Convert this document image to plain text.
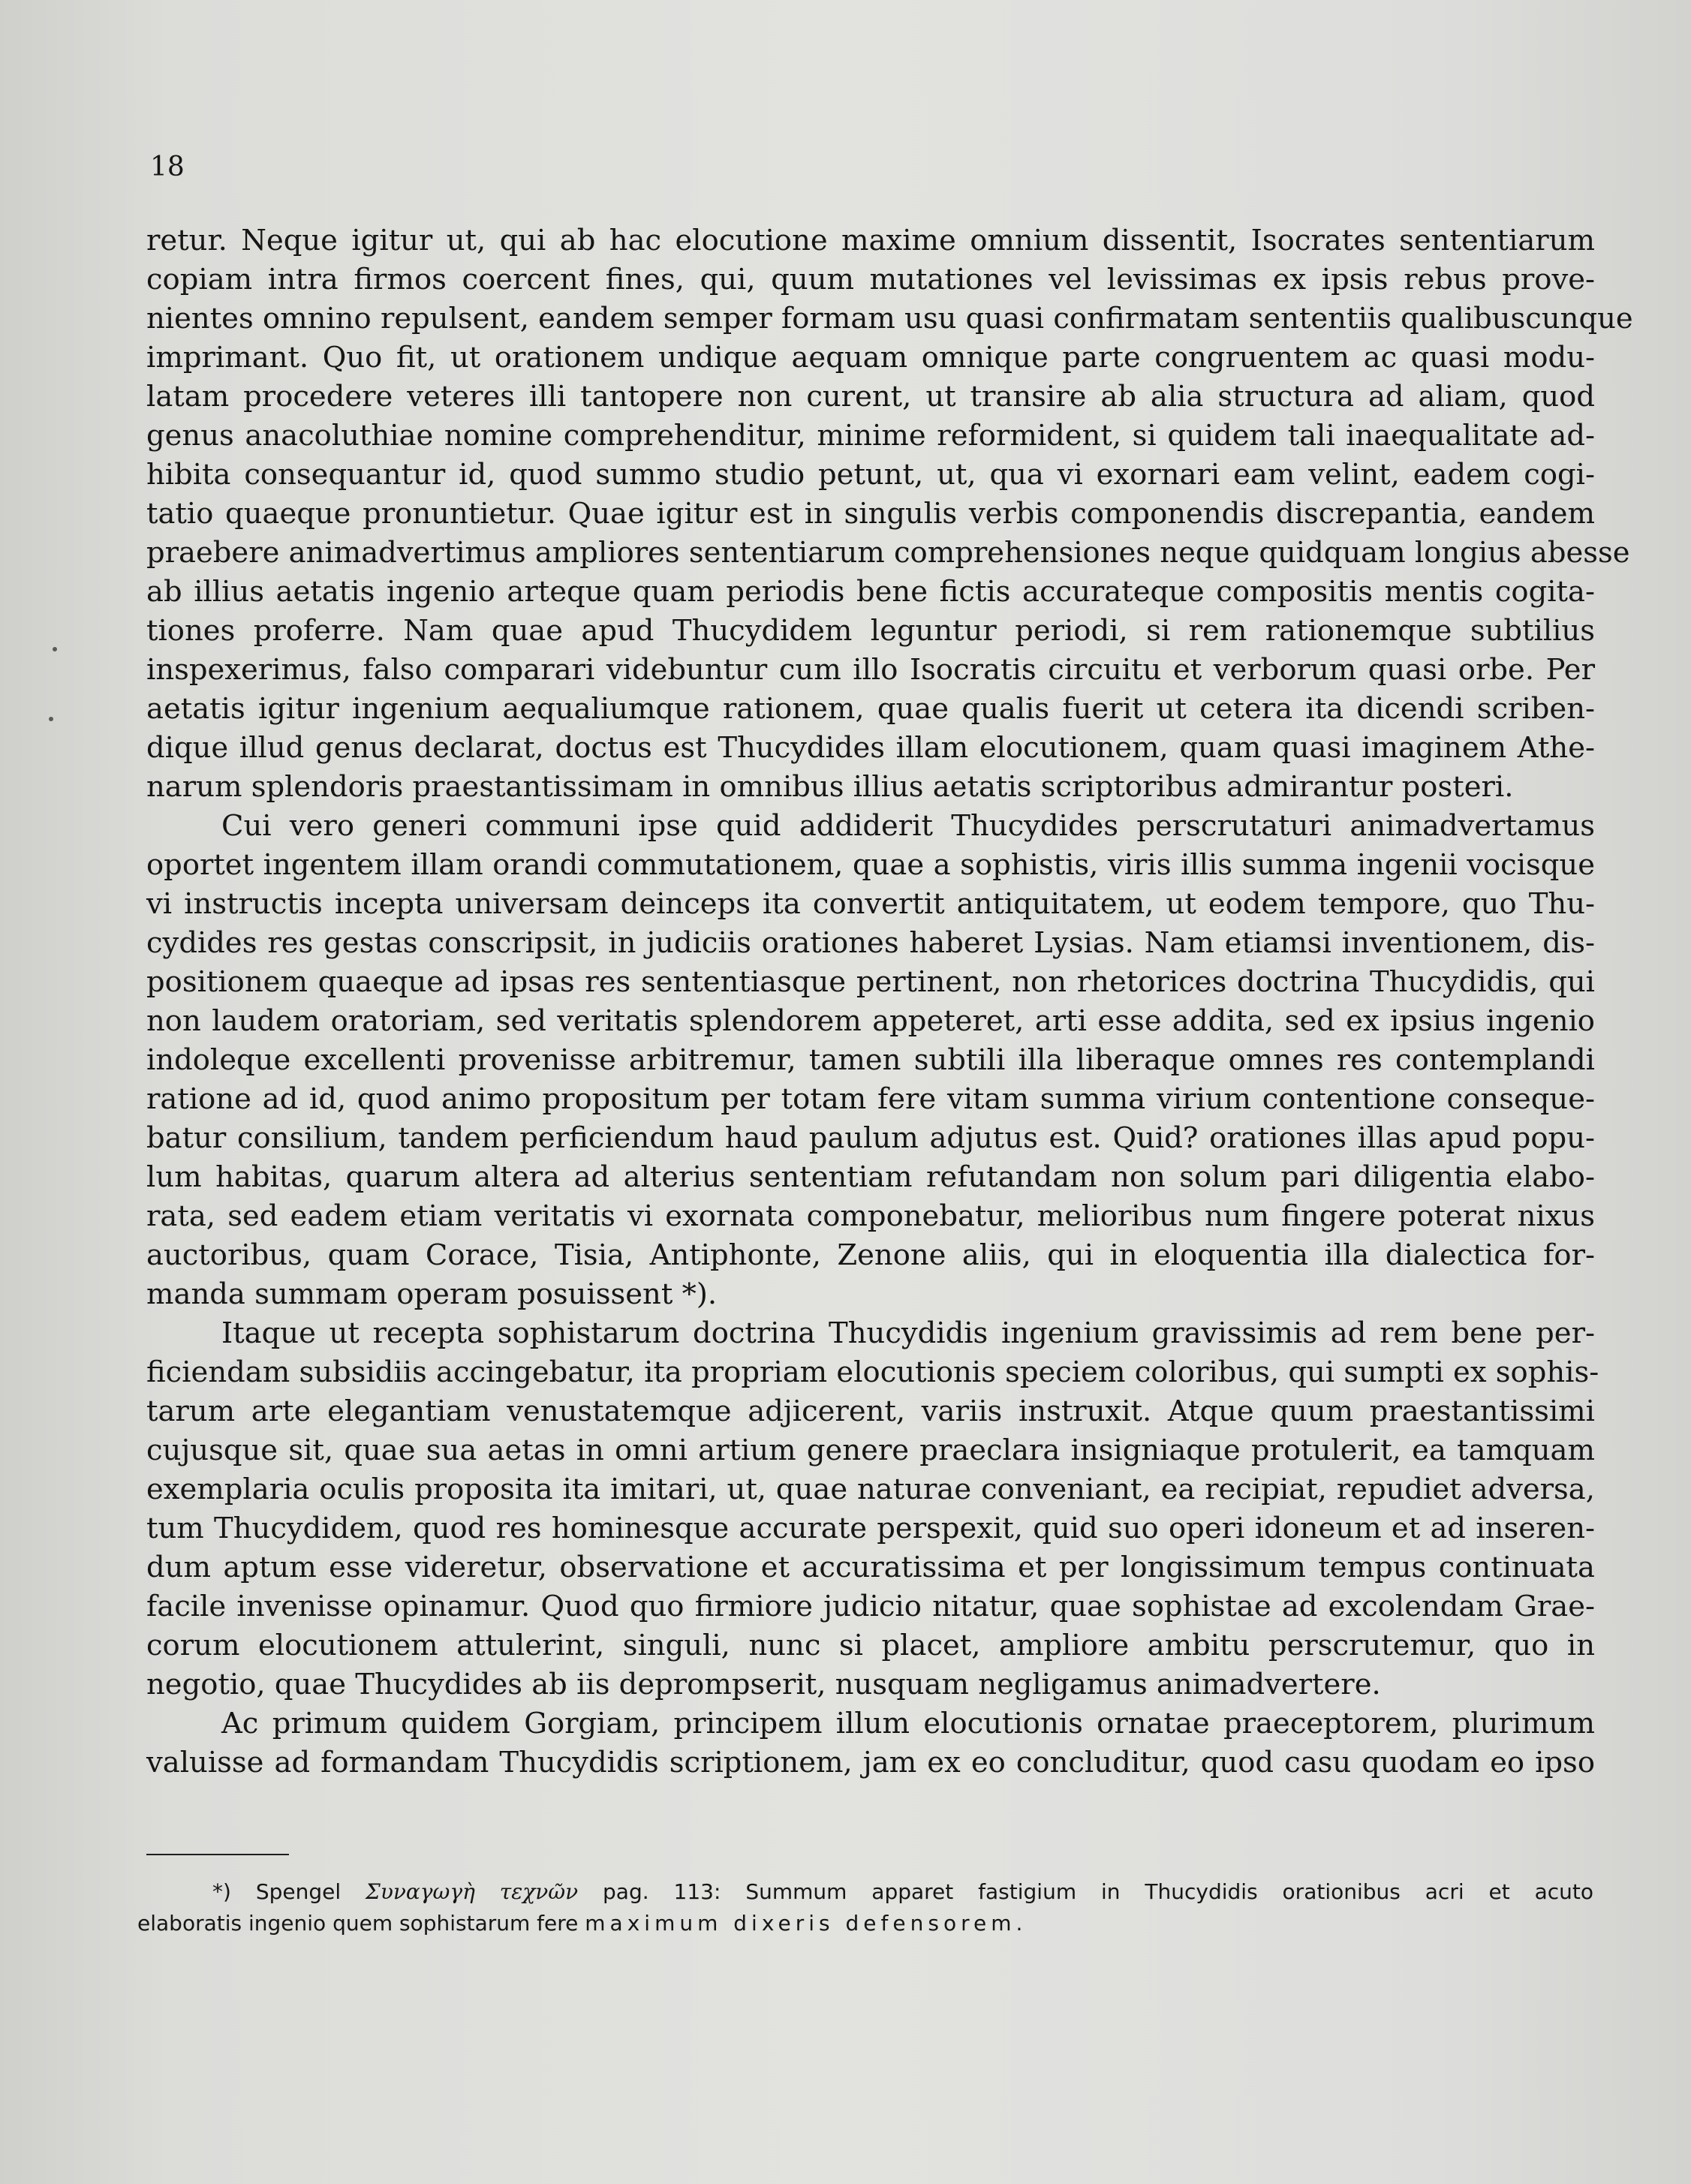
18
retur. Neque igitur ut, qui ab hac elocutione maxime omnium dissentit, Isocrates sententiarum
copiam intra firmos coercent fines, qui, quum mutationes vel levissimas ex ipsis rebus prove-
nientes omnino repulsent, eandem semper formam usu quasi confirmatam sententiis qualibuscunque
imprimant. Quo fit, ut orationem undique aequam omnique parte congruentem ac quasi modu-
latam procedere veteres illi tantopere non curent, ut transire ab alia structura ad aliam, quod
genus anacoluthiae nomine comprehenditur, minime reformident, si quidem tali inaequalitate ad-
hibita consequantur id, quod summo studio petunt, ut, qua vi exornari eam velint, eadem cogi-
tatio quaeque pronuntietur. Quae igitur est in singulis verbis componendis discrepantia, eandem
praebere animadvertimus ampliores sententiarum comprehensiones neque quidquam longius abesse
ab illius aetatis ingenio arteque quam periodis bene fictis accurateque compositis mentis cogita-
tiones proferre. Nam quae apud Thucydidem leguntur periodi, si rem rationemque subtilius
inspexerimus, falso comparari videbuntur cum illo Isocratis circuitu et verborum quasi orbe. Per
aetatis igitur ingenium aequaliumque rationem, quae qualis fuerit ut cetera ita dicendi scriben-
dique illud genus declarat, doctus est Thucydides illam elocutionem, quam quasi imaginem Athe-
narum splendoris praestantissimam in omnibus illius aetatis scriptoribus admirantur posteri.
Cui vero generi communi ipse quid addiderit Thucydides perscrutaturi animadvertamus
oportet ingentem illam orandi commutationem, quae a sophistis, viris illis summa ingenii vocisque
vi instructis incepta universam deinceps ita convertit antiquitatem, ut eodem tempore, quo Thu-
cydides res gestas conscripsit, in judiciis orationes haberet Lysias. Nam etiamsi inventionem, dis-
positionem quaeque ad ipsas res sententiasque pertinent, non rhetorices doctrina Thucydidis, qui
non laudem oratoriam, sed veritatis splendorem appeteret, arti esse addita, sed ex ipsius ingenio
indoleque excellenti provenisse arbitremur, tamen subtili illa liberaque omnes res contemplandi
ratione ad id, quod animo propositum per totam fere vitam summa virium contentione conseque-
batur consilium, tandem perficiendum haud paulum adjutus est. Quid? orationes illas apud popu-
lum habitas, quarum altera ad alterius sententiam refutandam non solum pari diligentia elabo-
rata, sed eadem etiam veritatis vi exornata componebatur, melioribus num fingere poterat nixus
auctoribus, quam Corace, Tisia, Antiphonte, Zenone aliis, qui in eloquentia illa dialectica for-
manda summam operam posuissent *).
Itaque ut recepta sophistarum doctrina Thucydidis ingenium gravissimis ad rem bene per-
ficiendam subsidiis accingebatur, ita propriam elocutionis speciem coloribus, qui sumpti ex sophis-
tarum arte elegantiam venustatemque adjicerent, variis instruxit. Atque quum praestantissimi
cujusque sit, quae sua aetas in omni artium genere praeclara insigniaque protulerit, ea tamquam
exemplaria oculis proposita ita imitari, ut, quae naturae conveniant, ea recipiat, repudiet adversa,
tum Thucydidem, quod res hominesque accurate perspexit, quid suo operi idoneum et ad inseren-
dum aptum esse videretur, observatione et accuratissima et per longissimum tempus continuata
facile invenisse opinamur. Quod quo firmiore judicio nitatur, quae sophistae ad excolendam Grae-
corum elocutionem attulerint, singuli, nunc si placet, ampliore ambitu perscrutemur, quo in
negotio, quae Thucydides ab iis deprompserit, nusquam negligamus animadvertere.
Ac primum quidem Gorgiam, principem illum elocutionis ornatae praeceptorem, plurimum
valuisse ad formandam Thucydidis scriptionem, jam ex eo concluditur, quod casu quodam eo ipso
*) Spengel Συναγωγὴ τεχνῶν pag. 113: Summum apparet fastigium in Thucydidis orationibus acri et acuto
elaboratis ingenio quem sophistarum fere maximum dixeris defensorem.
